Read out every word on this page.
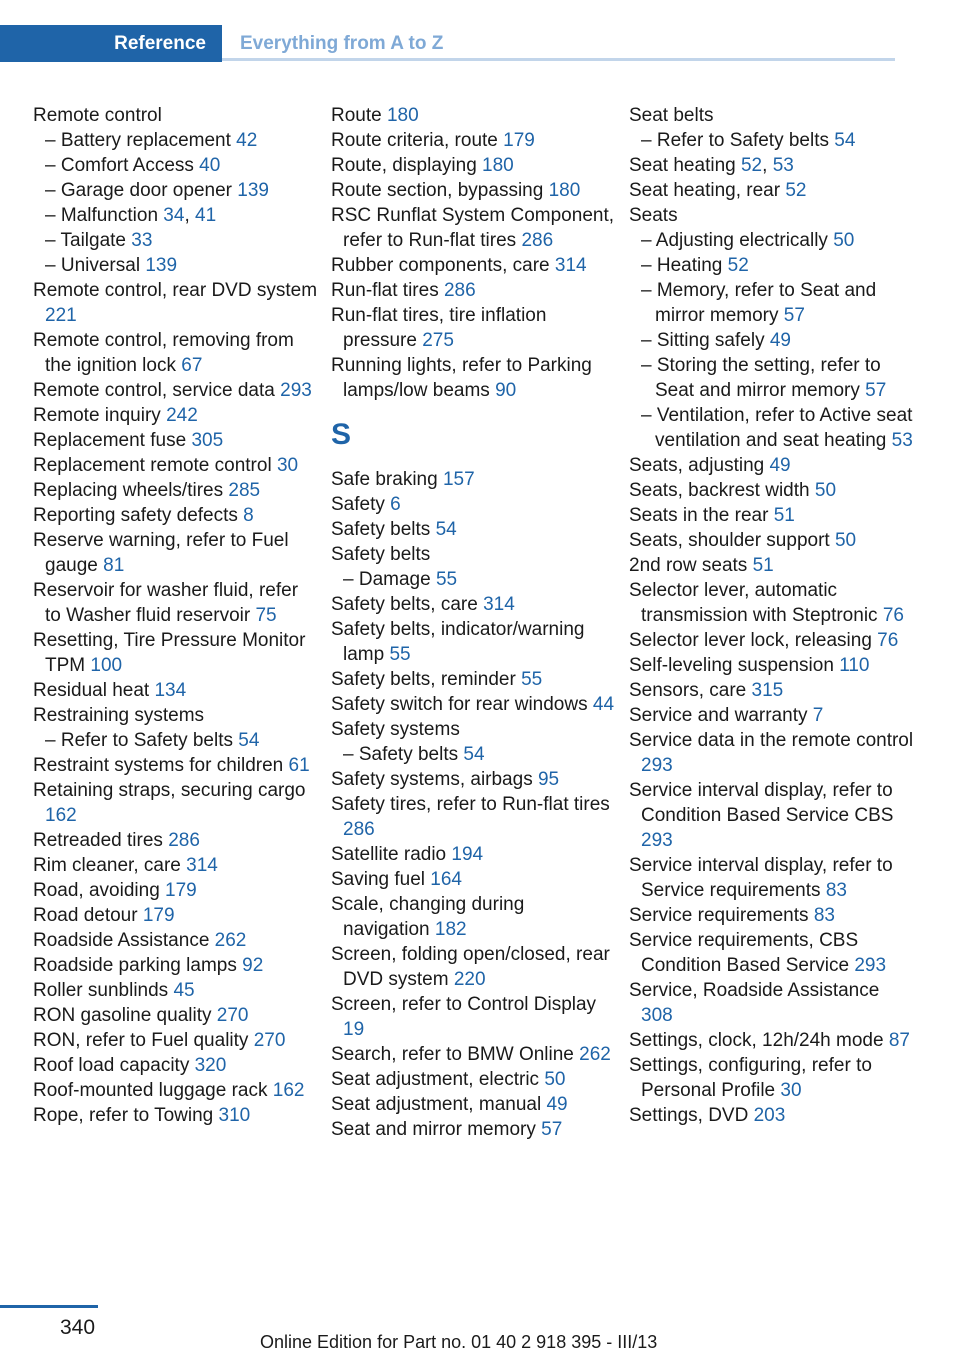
Reference	Everything from A to Z
Remote control
– Battery replacement 42
– Comfort Access 40
– Garage door opener 139
– Malfunction 34, 41
– Tailgate 33
– Universal 139
Remote control, rear DVD system 221
Remote control, removing from the ignition lock 67
Remote control, service data 293
Remote inquiry 242
Replacement fuse 305
Replacement remote control 30
Replacing wheels/tires 285
Reporting safety defects 8
Reserve warning, refer to Fuel gauge 81
Reservoir for washer fluid, refer to Washer fluid reservoir 75
Resetting, Tire Pressure Monitor TPM 100
Residual heat 134
Restraining systems
– Refer to Safety belts 54
Restraint systems for children 61
Retaining straps, securing cargo 162
Retreaded tires 286
Rim cleaner, care 314
Road, avoiding 179
Road detour 179
Roadside Assistance 262
Roadside parking lamps 92
Roller sunblinds 45
RON gasoline quality 270
RON, refer to Fuel quality 270
Roof load capacity 320
Roof-mounted luggage rack 162
Rope, refer to Towing 310
Route 180
Route criteria, route 179
Route, displaying 180
Route section, bypassing 180
RSC Runflat System Component, refer to Run-flat tires 286
Rubber components, care 314
Run-flat tires 286
Run-flat tires, tire inflation pressure 275
Running lights, refer to Parking lamps/low beams 90
S
Safe braking 157
Safety 6
Safety belts 54
Safety belts
– Damage 55
Safety belts, care 314
Safety belts, indicator/warning lamp 55
Safety belts, reminder 55
Safety switch for rear windows 44
Safety systems
– Safety belts 54
Safety systems, airbags 95
Safety tires, refer to Run-flat tires 286
Satellite radio 194
Saving fuel 164
Scale, changing during navigation 182
Screen, folding open/closed, rear DVD system 220
Screen, refer to Control Display 19
Search, refer to BMW Online 262
Seat adjustment, electric 50
Seat adjustment, manual 49
Seat and mirror memory 57
Seat belts
– Refer to Safety belts 54
Seat heating 52, 53
Seat heating, rear 52
Seats
– Adjusting electrically 50
– Heating 52
– Memory, refer to Seat and mirror memory 57
– Sitting safely 49
– Storing the setting, refer to Seat and mirror memory 57
– Ventilation, refer to Active seat ventilation and seat heating 53
Seats, adjusting 49
Seats, backrest width 50
Seats in the rear 51
Seats, shoulder support 50
2nd row seats 51
Selector lever, automatic transmission with Steptronic 76
Selector lever lock, releasing 76
Self-leveling suspension 110
Sensors, care 315
Service and warranty 7
Service data in the remote control 293
Service interval display, refer to Condition Based Service CBS 293
Service interval display, refer to Service requirements 83
Service requirements 83
Service requirements, CBS Condition Based Service 293
Service, Roadside Assistance 308
Settings, clock, 12h/24h mode 87
Settings, configuring, refer to Personal Profile 30
Settings, DVD 203
340
Online Edition for Part no. 01 40 2 918 395 - III/13
